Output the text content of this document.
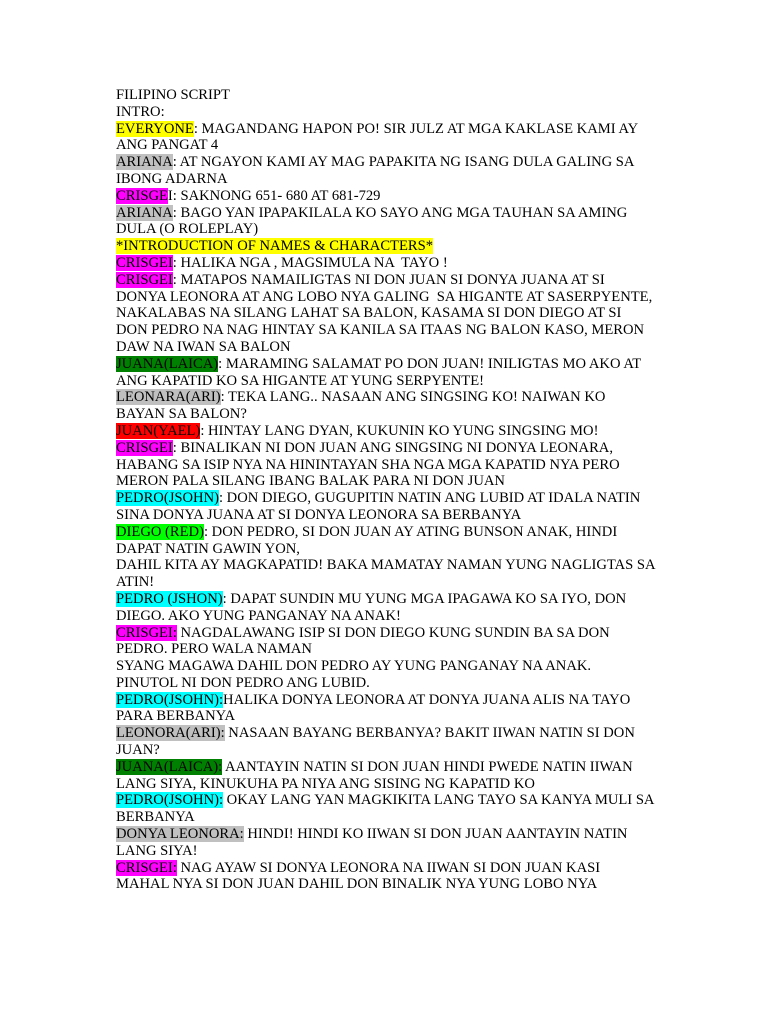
FILIPINO SCRIPT

INTRO:

EVERYONE: MAGANDANG HAPON PO! SIR JULZ AT MGA KAKLASE KAMI AY ANG PANGAT 4

ARIANA: AT NGAYON KAMI AY MAG PAPAKITA NG ISANG DULA GALING SA IBONG ADARNA

CRISGEI: SAKNONG 651- 680 AT 681-729

ARIANA: BAGO YAN IPAPAKILALA KO SAYO ANG MGA TAUHAN SA AMING DULA (O ROLEPLAY)

*INTRODUCTION OF NAMES & CHARACTERS*

CRISGEI: HALIKA NGA , MAGSIMULA NA  TAYO !

CRISGEI: MATAPOS NAMAILIGTAS NI DON JUAN SI DONYA JUANA AT SI DONYA LEONORA AT ANG LOBO NYA GALING  SA HIGANTE AT SASERPYENTE,

NAKALABAS NA SILANG LAHAT SA BALON, KASAMA SI DON DIEGO AT SI DON PEDRO NA NAG HINTAY SA KANILA SA ITAAS NG BALON KASO, MERON DAW NA IWAN SA BALON

JUANA(LAICA): MARAMING SALAMAT PO DON JUAN! INILIGTAS MO AKO AT ANG KAPATID KO SA HIGANTE AT YUNG SERPYENTE!

LEONARA(ARI): TEKA LANG.. NASAAN ANG SINGSING KO! NAIWAN KO BAYAN SA BALON?

JUAN(YAEL): HINTAY LANG DYAN, KUKUNIN KO YUNG SINGSING MO!

CRISGEI: BINALIKAN NI DON JUAN ANG SINGSING NI DONYA LEONARA, HABANG SA ISIP NYA NA HININTAYAN SHA NGA MGA KAPATID NYA PERO MERON PALA SILANG IBANG BALAK PARA NI DON JUAN

PEDRO(JSOHN): DON DIEGO, GUGUPITIN NATIN ANG LUBID AT IDALA NATIN SINA DONYA JUANA AT SI DONYA LEONORA SA BERBANYA

DIEGO (RED): DON PEDRO, SI DON JUAN AY ATING BUNSON ANAK, HINDI DAPAT NATIN GAWIN YON,

DAHIL KITA AY MAGKAPATID! BAKA MAMATAY NAMAN YUNG NAGLIGTAS SA ATIN!

PEDRO (JSHON): DAPAT SUNDIN MU YUNG MGA IPAGAWA KO SA IYO, DON DIEGO. AKO YUNG PANGANAY NA ANAK!

CRISGEI: NAGDALAWANG ISIP SI DON DIEGO KUNG SUNDIN BA SA DON PEDRO. PERO WALA NAMAN

SYANG MAGAWA DAHIL DON PEDRO AY YUNG PANGANAY NA ANAK. PINUTOL NI DON PEDRO ANG LUBID.

PEDRO(JSOHN):HALIKA DONYA LEONORA AT DONYA JUANA ALIS NA TAYO PARA BERBANYA

LEONORA(ARI): NASAAN BAYANG BERBANYA? BAKIT IIWAN NATIN SI DON JUAN?

JUANA(LAICA): AANTAYIN NATIN SI DON JUAN HINDI PWEDE NATIN IIWAN LANG SIYA, KINUKUHA PA NIYA ANG SISING NG KAPATID KO

PEDRO(JSOHN): OKAY LANG YAN MAGKIKITA LANG TAYO SA KANYA MULI SA BERBANYA

DONYA LEONORA: HINDI! HINDI KO IIWAN SI DON JUAN AANTAYIN NATIN LANG SIYA!

CRISGEI: NAG AYAW SI DONYA LEONORA NA IIWAN SI DON JUAN KASI MAHAL NYA SI DON JUAN DAHIL DON BINALIK NYA YUNG LOBO NYA
